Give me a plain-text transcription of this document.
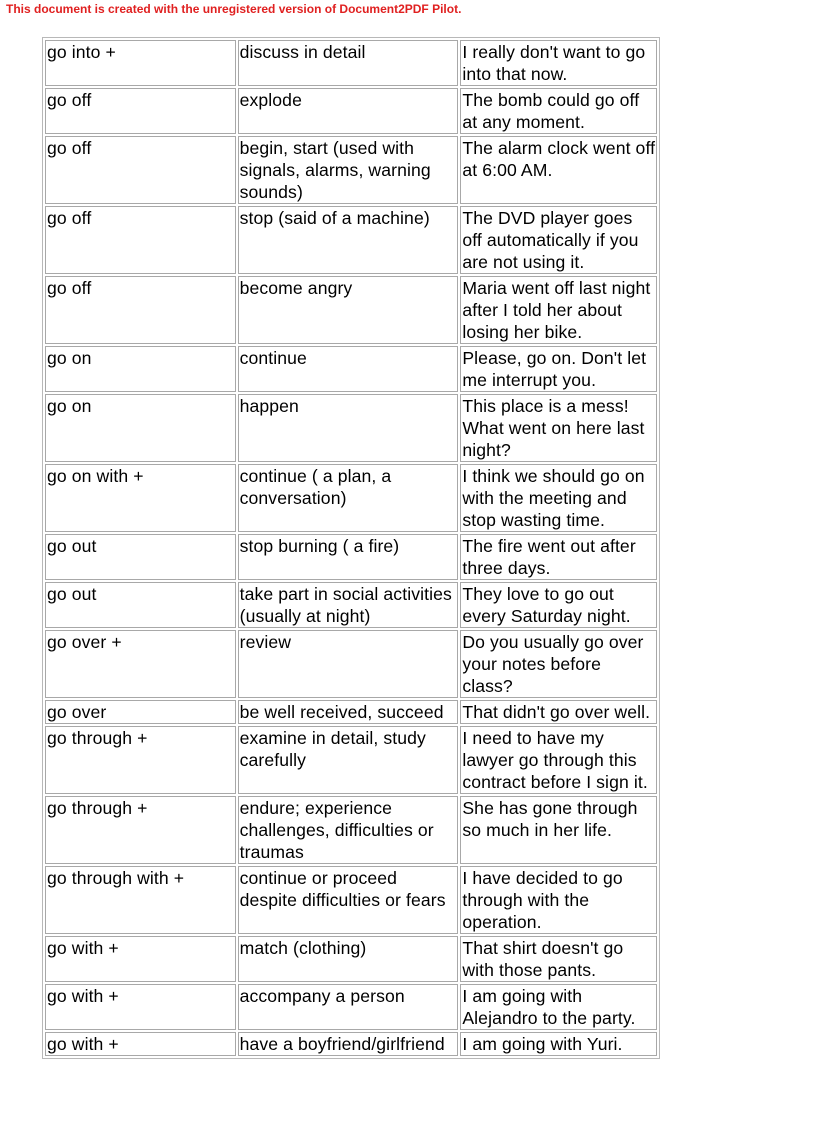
This document is created with the unregistered version of Document2PDF Pilot.
go into +	discuss in detail	I really don't want to go into that now.
go off	explode	The bomb could go off at any moment.
go off	begin, start (used with signals, alarms, warning sounds)	The alarm clock went off at 6:00 AM.
go off	stop (said of a machine)	The DVD player goes off automatically if you are not using it.
go off	become angry	Maria went off last night after I told her about losing her bike.
go on	continue	Please, go on. Don't let me interrupt you.
go on	happen	This place is a mess! What went on here last night?
go on with +	continue ( a plan, a conversation)	I think we should go on with the meeting and stop wasting time.
go out	stop burning ( a fire)	The fire went out after three days.
go out	take part in social activities (usually at night)	They love to go out every Saturday night.
go over +	review	Do you usually go over your notes before class?
go over	be well received, succeed	That didn't go over well.
go through +	examine in detail, study carefully	I need to have my lawyer go through this contract before I sign it.
go through +	endure; experience challenges, difficulties or traumas	She has gone through so much in her life.
go through with +	continue or proceed despite difficulties or fears	I have decided to go through with the operation.
go with +	match (clothing)	That shirt doesn't go with those pants.
go with +	accompany a person	I am going with Alejandro to the party.
go with +	have a boyfriend/girlfriend	I am going with Yuri.
